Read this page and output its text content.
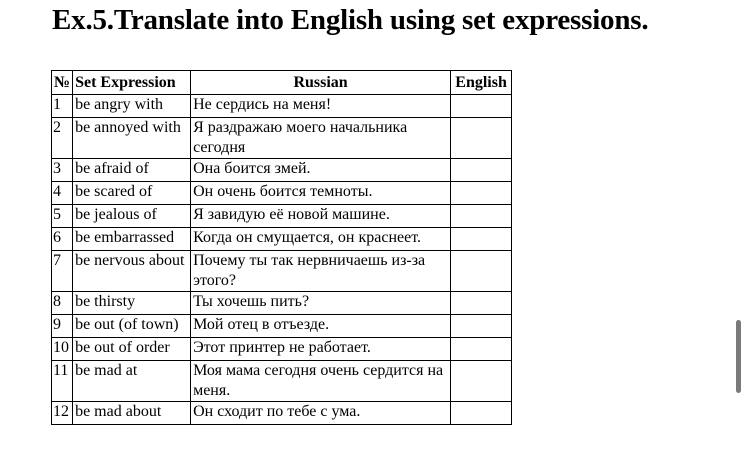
Ex.5.Translate into English using set expressions.
№	Set Expression	Russian	English
1	be angry with	Не сердись на меня!	
2	be annoyed with	Я раздражаю моего начальника сегодня	
3	be afraid of	Она боится змей.	
4	be scared of	Он очень боится темноты.	
5	be jealous of	Я завидую её новой машине.	
6	be embarrassed	Когда он смущается, он краснеет.	
7	be nervous about	Почему ты так нервничаешь из-за этого?	
8	be thirsty	Ты хочешь пить?	
9	be out (of town)	Мой отец в отъезде.	
10	be out of order	Этот принтер не работает.	
11	be mad at	Моя мама сегодня очень сердится на меня.	
12	be mad about	Он сходит по тебе с ума.	
